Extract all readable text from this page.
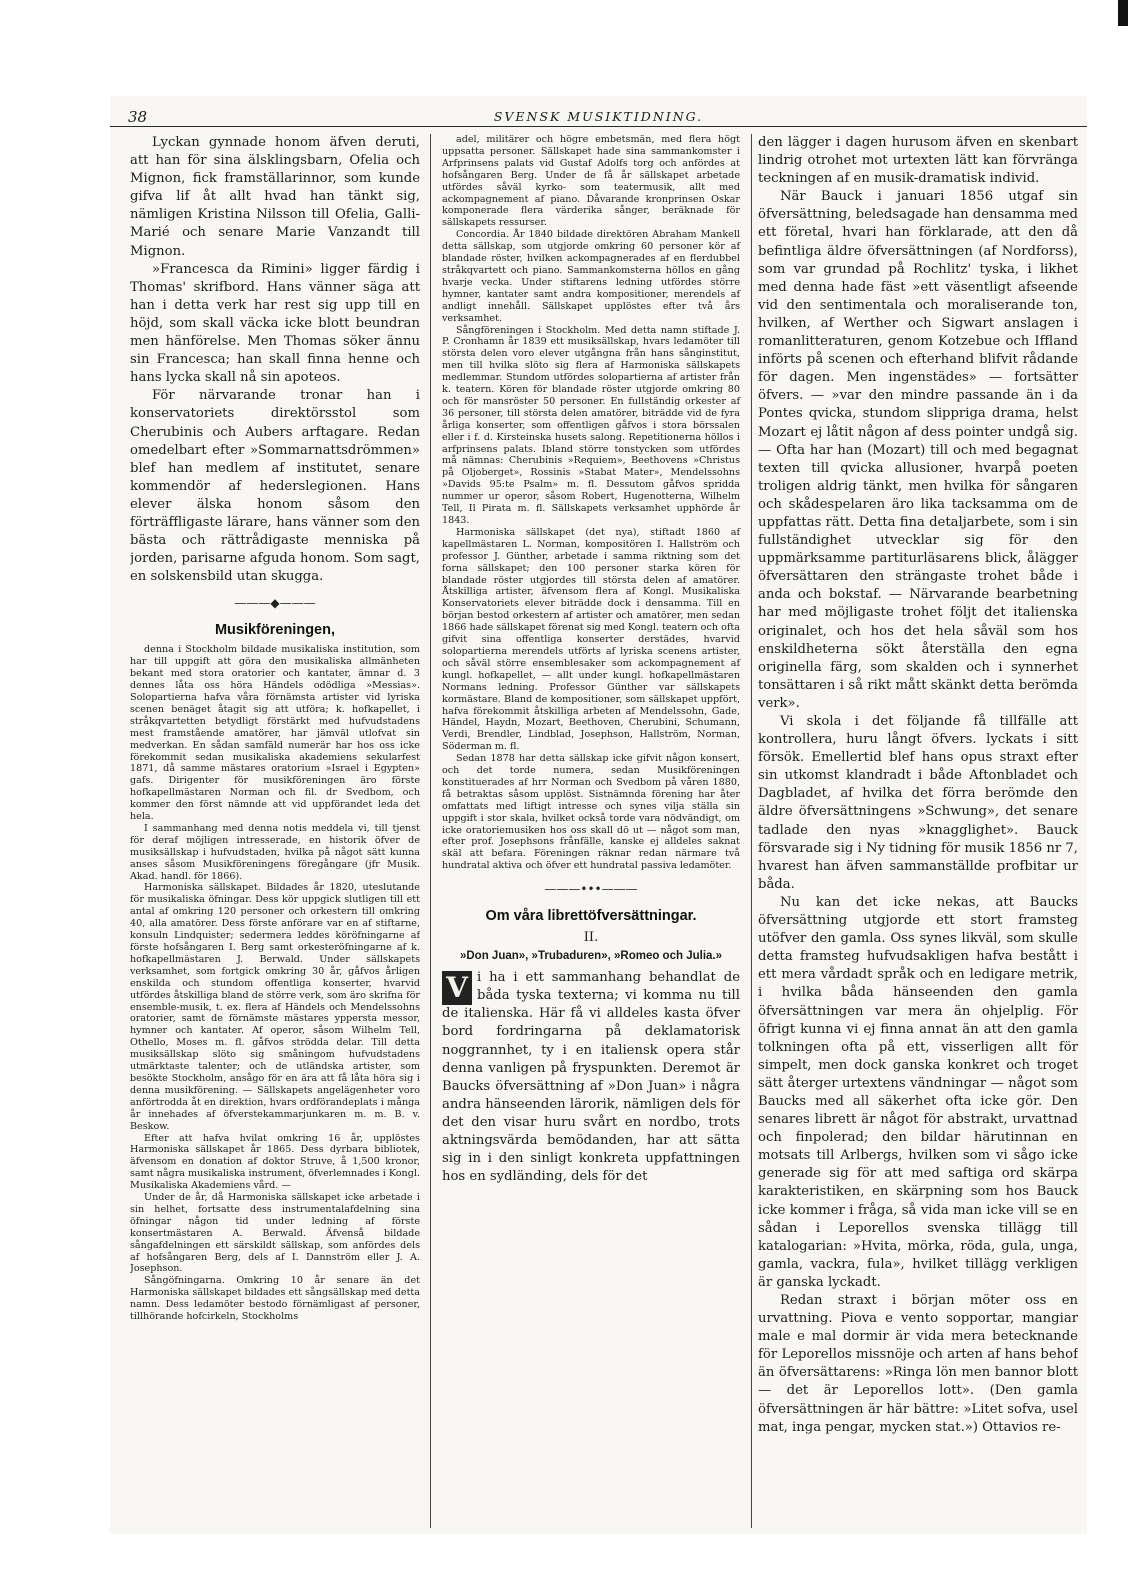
38	SVENSK MUSIKTIDNING.

Lyckan gynnade honom äfven deruti, att han för sina älsklingsbarn, Ofelia och Mignon, fick framställarinnor, som kunde gifva lif åt allt hvad han tänkt sig, nämligen Kristina Nilsson till Ofelia, Galli-Marié och senare Marie Vanzandt till Mignon.

»Francesca da Rimini» ligger färdig i Thomas' skrifbord. Hans vänner säga att han i detta verk har rest sig upp till en höjd, som skall väcka icke blott beundran men hänförelse. Men Thomas söker ännu sin Francesca; han skall finna henne och hans lycka skall nå sin apoteos.

För närvarande tronar han i konservatoriets direktörsstol som Cherubinis och Aubers arftagare. Redan omedelbart efter »Sommarnattsdrömmen» blef han medlem af institutet, senare kommendör af hederslegionen. Hans elever älska honom såsom den förträffligaste lärare, hans vänner som den bästa och rättrådigaste menniska på jorden, parisarne afguda honom. Som sagt, en solskensbild utan skugga.

———◆———
Musikföreningen,

denna i Stockholm bildade musikaliska institution, som har till uppgift att göra den musikaliska allmänheten bekant med stora oratorier och kantater, ämnar d. 3 dennes låta oss höra Händels odödliga »Messias». Solopartierna hafva våra förnämsta artister vid lyriska scenen benäget åtagit sig att utföra; k. hofkapellet, i stråkqvartetten betydligt förstärkt med hufvudstadens mest framstående amatörer, har jämväl utlofvat sin medverkan. En sådan samfäld numerär har hos oss icke förekommit sedan musikaliska akademiens sekularfest 1871, då samme mästares oratorium »Israel i Egypten» gafs. Dirigenter för musikföreningen äro förste hofkapellmästaren Norman och fil. dr Svedbom, och kommer den först nämnde att vid uppförandet leda det hela.

I sammanhang med denna notis meddela vi, till tjenst för deraf möjligen intresserade, en historik öfver de musiksällskap i hufvudstaden, hvilka på något sätt kunna anses såsom Musikföreningens föregångare (jfr Musik. Akad. handl. för 1866).

Harmoniska sällskapet. Bildades år 1820, uteslutande för musikaliska öfningar. Dess kör uppgick slutligen till ett antal af omkring 120 personer och orkestern till omkring 40, alla amatörer. Dess förste anförare var en af stiftarne, konsuln Lindquister; sedermera leddes köröfningarne af förste hofsångaren I. Berg samt orkesteröfningarne af k. hofkapellmästaren J. Berwald. Under sällskapets verksamhet, som fortgick omkring 30 år, gåfvos årligen enskilda och stundom offentliga konserter, hvarvid utfördes åtskilliga bland de större verk, som äro skrifna för ensemble-musik, t. ex. flera af Händels och Mendelssohns oratorier, samt de förnämste mästares yppersta messor, hymner och kantater. Af operor, såsom Wilhelm Tell, Othello, Moses m. fl. gåfvos strödda delar. Till detta musiksällskap slöto sig småningom hufvudstadens utmärktaste talenter; och de utländska artister, som besökte Stockholm, ansågo för en ära att få låta höra sig i denna musikförening. — Sällskapets angelägenheter voro anförtrodda åt en direktion, hvars ordförandeplats i många år innehades af öfverstekammarjunkaren m. m. B. v. Beskow.

Efter att hafva hvilat omkring 16 år, upplöstes Harmoniska sällskapet år 1865. Dess dyrbara bibliotek, äfvensom en donation af doktor Struve, å 1,500 kronor, samt några musikaliska instrument, öfverlemnades i Kongl. Musikaliska Akademiens vård. —

Under de år, då Harmoniska sällskapet icke arbetade i sin helhet, fortsatte dess instrumentalafdelning sina öfningar någon tid under ledning af förste konsertmästaren A. Berwald. Äfvenså bildade sångafdelningen ett särskildt sällskap, som anfördes dels af hofsångaren Berg, dels af I. Dannström eller J. A. Josephson.

Sångöfningarna. Omkring 10 år senare än det Harmoniska sällskapet bildades ett sångsällskap med detta namn. Dess ledamöter bestodo förnämligast af personer, tillhörande hofcirkeln, Stockholms

adel, militärer och högre embetsmän, med flera högt uppsatta personer. Sällskapet hade sina sammankomster i Arfprinsens palats vid Gustaf Adolfs torg och anfördes at hofsångaren Berg. Under de få år sällskapet arbetade utfördes såväl kyrko- som teatermusik, allt med ackompagnement af piano. Dåvarande kronprinsen Oskar komponerade flera värderika sånger, beräknade för sällskapets ressurser.

Concordia. År 1840 bildade direktören Abraham Mankell detta sällskap, som utgjorde omkring 60 personer kör af blandade röster, hvilken ackompagnerades af en flerdubbel stråkqvartett och piano. Sammankomsterna höllos en gång hvarje vecka. Under stiftarens ledning utfördes större hymner, kantater samt andra kompositioner, merendels af andligt innehåll. Sällskapet upplöstes efter två års verksamhet.

Sångföreningen i Stockholm. Med detta namn stiftade J. P. Cronhamn år 1839 ett musiksällskap, hvars ledamöter till största delen voro elever utgångna från hans sånginstitut, men till hvilka slöto sig flera af Harmoniska sällskapets medlemmar. Stundom utfördes solopartierna af artister från k. teatern. Kören för blandade röster utgjorde omkring 80 och för mansröster 50 personer. En fullständig orkester af 36 personer, till största delen amatörer, biträdde vid de fyra årliga konserter, som offentligen gåfvos i stora börssalen eller i f. d. Kirsteinska husets salong. Repetitionerna höllos i arfprinsens palats. Ibland större tonstycken som utfördes må nämnas: Cherubinis »Requiem», Beethovens »Christus på Oljoberget», Rossinis »Stabat Mater», Mendelssohns »Davids 95:te Psalm» m. fl. Dessutom gåfvos spridda nummer ur operor, såsom Robert, Hugenotterna, Wilhelm Tell, Il Pirata m. fl. Sällskapets verksamhet upphörde år 1843.

Harmoniska sällskapet (det nya), stiftadt 1860 af kapellmästaren L. Norman, kompositören I. Hallström och professor J. Günther, arbetade i samma riktning som det forna sällskapet; den 100 personer starka kören för blandade röster utgjordes till största delen af amatörer. Åtskilliga artister, äfvensom flera af Kongl. Musikaliska Konservatoriets elever biträdde dock i densamma. Till en början bestod orkestern af artister och amatörer, men sedan 1866 hade sällskapet förenat sig med Kongl. teatern och ofta gifvit sina offentliga konserter derstädes, hvarvid solopartierna merendels utförts af lyriska scenens artister, och såväl större ensemblesaker som ackompagnement af kungl. hofkapellet, — allt under kungl. hofkapellmästaren Normans ledning. Professor Günther var sällskapets kormästare. Bland de kompositioner, som sällskapet uppfört, hafva förekommit åtskilliga arbeten af Mendelssohn, Gade, Händel, Haydn, Mozart, Beethoven, Cherubini, Schumann, Verdi, Brendler, Lindblad, Josephson, Hallström, Norman, Söderman m. fl.

Sedan 1878 har detta sällskap icke gifvit någon konsert, och det torde numera, sedan Musikföreningen konstituerades af hrr Norman och Svedbom på våren 1880, få betraktas såsom upplöst. Sistnämnda förening har åter omfattats med liftigt intresse och synes vilja ställa sin uppgift i stor skala, hvilket också torde vara nödvändigt, om icke oratoriemusiken hos oss skall dö ut — något som man, efter prof. Josephsons frånfälle, kanske ej alldeles saknat skäl att befara. Föreningen räknar redan närmare två hundratal aktiva och öfver ett hundratal passiva ledamöter.

———•••———
Om våra librettöfversättningar.
II.
»Don Juan», »Trubaduren», »Romeo och Julia.»
V i ha i ett sammanhang behandlat de båda tyska texterna; vi komma nu till de italienska. Här få vi alldeles kasta öfver bord fordringarna på deklamatorisk noggrannhet, ty i en italiensk opera står denna vanligen på fryspunkten. Deremot är Baucks öfversättning af »Don Juan» i några andra hänseenden lärorik, nämligen dels för det den visar huru svårt en nordbo, trots aktningsvärda bemödanden, har att sätta sig in i den sinligt konkreta uppfattningen hos en sydländing, dels för det

den lägger i dagen hurusom äfven en skenbart lindrig otrohet mot urtexten lätt kan förvränga teckningen af en musik-dramatisk individ.

När Bauck i januari 1856 utgaf sin öfversättning, beledsagade han densamma med ett företal, hvari han förklarade, att den då befintliga äldre öfversättningen (af Nordforss), som var grundad på Rochlitz' tyska, i likhet med denna hade fäst »ett väsentligt afseende vid den sentimentala och moraliserande ton, hvilken, af Werther och Sigwart anslagen i romanlitteraturen, genom Kotzebue och Iffland införts på scenen och efterhand blifvit rådande för dagen. Men ingenstädes» — fortsätter öfvers. — »var den mindre passande än i da Pontes qvicka, stundom slippriga drama, helst Mozart ej låtit någon af dess pointer undgå sig. — Ofta har han (Mozart) till och med begagnat texten till qvicka allusioner, hvarpå poeten troligen aldrig tänkt, men hvilka för sångaren och skådespelaren äro lika tacksamma om de uppfattas rätt. Detta fina detaljarbete, som i sin fullständighet utvecklar sig för den uppmärksamme partiturläsarens blick, ålägger öfversättaren den strängaste trohet både i anda och bokstaf. — Närvarande bearbetning har med möjligaste trohet följt det italienska originalet, och hos det hela såväl som hos enskildheterna sökt återställa den egna originella färg, som skalden och i synnerhet tonsättaren i så rikt mått skänkt detta berömda verk».

Vi skola i det följande få tillfälle att kontrollera, huru långt öfvers. lyckats i sitt försök. Emellertid blef hans opus straxt efter sin utkomst klandradt i både Aftonbladet och Dagbladet, af hvilka det förra berömde den äldre öfversättningens »Schwung», det senare tadlade den nyas »knagglighet». Bauck försvarade sig i Ny tidning för musik 1856 nr 7, hvarest han äfven sammanställde profbitar ur båda.

Nu kan det icke nekas, att Baucks öfversättning utgjorde ett stort framsteg utöfver den gamla. Oss synes likväl, som skulle detta framsteg hufvudsakligen hafva bestått i ett mera vårdadt språk och en ledigare metrik, i hvilka båda hänseenden den gamla öfversättningen var mera än ohjelplig. För öfrigt kunna vi ej finna annat än att den gamla tolkningen ofta på ett, visserligen allt för simpelt, men dock ganska konkret och troget sätt återger urtextens vändningar — något som Baucks med all säkerhet ofta icke gör. Den senares librett är något för abstrakt, urvattnad och finpolerad; den bildar härutinnan en motsats till Arlbergs, hvilken som vi sågo icke generade sig för att med saftiga ord skärpa karakteristiken, en skärpning som hos Bauck icke kommer i fråga, så vida man icke vill se en sådan i Leporellos svenska tillägg till katalogarian: »Hvita, mörka, röda, gula, unga, gamla, vackra, fula», hvilket tillägg verkligen är ganska lyckadt.

Redan straxt i början möter oss en urvattning. Piova e vento sopportar, mangiar male e mal dormir är vida mera betecknande för Leporellos missnöje och arten af hans behof än öfversättarens: »Ringa lön men bannor blott — det är Leporellos lott». (Den gamla öfversättningen är här bättre: »Litet sofva, usel mat, inga pengar, mycken stat.») Ottavios re-
